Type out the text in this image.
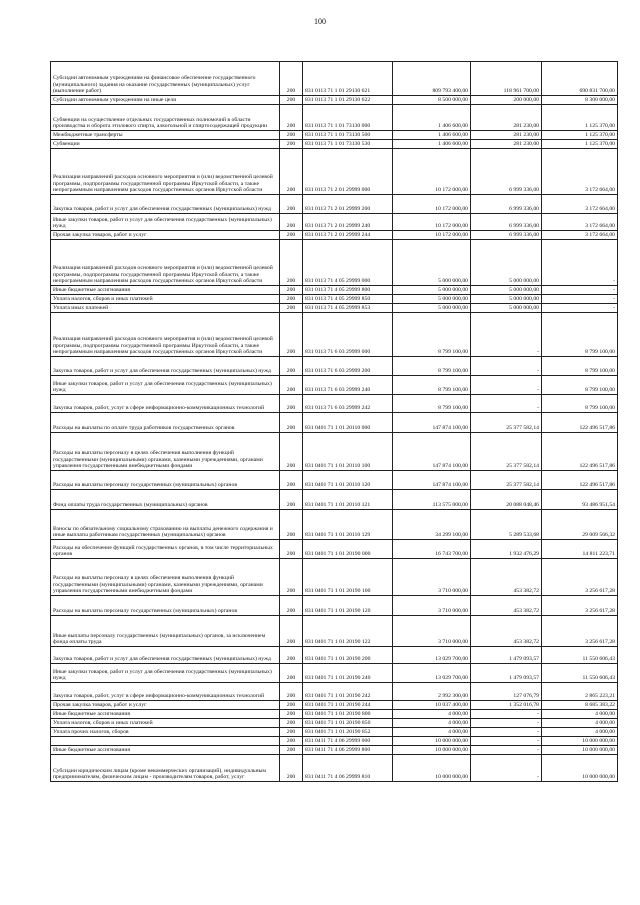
100
Субсидии автономным учреждениям на финансовое обеспечение государственного (муниципального) задания на оказание государственных (муниципальных) услуг (выполнение работ)	200	831 0113 71 1 01 29130 621	809 793 400,00	118 961 700,00	690 831 700,00
Субсидии автономным учреждениям на иные цели	200	831 0113 71 1 01 29130 622	8 500 000,00	200 000,00	8 300 000,00
Субвенции на осуществление отдельных государственных полномочий в области производства и оборота этилового спирта, алкогольной и спиртосодержащей продукции	200	831 0113 71 1 01 73130 000	1 406 600,00	281 230,00	1 125 370,00
Межбюджетные трансферты	200	831 0113 71 1 01 73130 500	1 406 600,00	281 230,00	1 125 370,00
Субвенции	200	831 0113 71 1 01 73130 530	1 406 600,00	281 230,00	1 125 370,00
Реализация направлений расходов основного мероприятия и (или) ведомственной целевой программы, подпрограммы государственной программы Иркутской области, а также непрограммным направлениям расходов государственных органов Иркутской области	200	831 0113 71 2 01 29999 000	10 172 000,00	6 999 336,00	3 172 664,00
Закупка товаров, работ и услуг для обеспечения государственных (муниципальных) нужд	200	831 0113 71 2 01 29999 200	10 172 000,00	6 999 336,00	3 172 664,00
Иные закупки товаров, работ и услуг для обеспечения государственных (муниципальных) нужд	200	831 0113 71 2 01 29999 240	10 172 000,00	6 999 336,00	3 172 664,00
Прочая закупка товаров, работ и услуг	200	831 0113 71 2 01 29999 244	10 172 000,00	6 999 336,00	3 172 664,00
Реализация направлений расходов основного мероприятия и (или) ведомственной целевой программы, подпрограммы государственной программы Иркутской области, а также непрограммным направлениям расходов государственных органов Иркутской области	200	831 0113 71 4 05 29999 000	5 000 000,00	5 000 000,00	-
Иные бюджетные ассигнования	200	831 0113 71 4 05 29999 800	5 000 000,00	5 000 000,00	-
Уплата налогов, сборов и иных платежей	200	831 0113 71 4 05 29999 850	5 000 000,00	5 000 000,00	-
Уплата иных платежей	200	831 0113 71 4 05 29999 853	5 000 000,00	5 000 000,00	-
Реализация направлений расходов основного мероприятия и (или) ведомственной целевой программы, подпрограммы государственной программы Иркутской области, а также непрограммным направлениям расходов государственных органов Иркутской области	200	831 0113 71 6 03 29999 000	8 799 100,00	-	8 799 100,00
Закупка товаров, работ и услуг для обеспечения государственных (муниципальных) нужд	200	831 0113 71 6 03 29999 200	8 799 100,00	-	8 799 100,00
Иные закупки товаров, работ и услуг для обеспечения государственных (муниципальных) нужд	200	831 0113 71 6 03 29999 240	8 799 100,00	-	8 799 100,00
Закупка товаров, работ, услуг в сфере информационно-коммуникационных технологий	200	831 0113 71 6 03 29999 242	8 799 100,00	-	8 799 100,00
Расходы на выплаты по оплате труда работников государственных органов	200	831 0401 71 1 01 20110 000	147 874 100,00	25 377 582,14	122 496 517,86
Расходы на выплаты персоналу в целях обеспечения выполнения функций государственными (муниципальными) органами, казенными учреждениями, органами управления государственными внебюджетными фондами	200	831 0401 71 1 01 20110 100	147 874 100,00	25 377 582,14	122 496 517,86
Расходы на выплаты персоналу государственных (муниципальных) органов	200	831 0401 71 1 01 20110 120	147 874 100,00	25 377 582,14	122 496 517,86
Фонд оплаты труда государственных (муниципальных) органов	200	831 0401 71 1 01 20110 121	113 575 000,00	20 088 048,46	93 486 951,54
Взносы по обязательному социальному страхованию на выплаты денежного содержания и иные выплаты работникам государственных (муниципальных) органов	200	831 0401 71 1 01 20110 129	34 299 100,00	5 289 533,68	29 009 566,32
Расходы на обеспечение функций государственных органов, в том числе территориальных органов	200	831 0401 71 1 01 20190 000	16 743 700,00	1 932 476,29	14 811 223,71
Расходы на выплаты персоналу в целях обеспечения выполнения функций государственными (муниципальными) органами, казенными учреждениями, органами управления государственными внебюджетными фондами	200	831 0401 71 1 01 20190 100	3 710 000,00	453 382,72	3 256 617,28
Расходы на выплаты персоналу государственных (муниципальных) органов	200	831 0401 71 1 01 20190 120	3 710 000,00	453 382,72	3 256 617,28
Иные выплаты персоналу государственных (муниципальных) органов, за исключением фонда оплаты труда	200	831 0401 71 1 01 20190 122	3 710 000,00	453 382,72	3 256 617,28
Закупка товаров, работ и услуг для обеспечения государственных (муниципальных) нужд	200	831 0401 71 1 01 20190 200	13 029 700,00	1 479 093,57	11 550 606,43
Иные закупки товаров, работ и услуг для обеспечения государственных (муниципальных) нужд	200	831 0401 71 1 01 20190 240	13 029 700,00	1 479 093,57	11 550 606,43
Закупка товаров, работ, услуг в сфере информационно-коммуникационных технологий	200	831 0401 71 1 01 20190 242	2 992 300,00	127 076,79	2 865 223,21
Прочая закупка товаров, работ и услуг	200	831 0401 71 1 01 20190 244	10 037 400,00	1 352 016,78	8 685 383,22
Иные бюджетные ассигнования	200	831 0401 71 1 01 20190 800	4 000,00	-	4 000,00
Уплата налогов, сборов и иных платежей	200	831 0401 71 1 01 20190 850	4 000,00	-	4 000,00
Уплата прочих налогов, сборов	200	831 0401 71 1 01 20190 852	4 000,00	-	4 000,00
	200	831 0411 71 4 06 29999 000	10 000 000,00	-	10 000 000,00
Иные бюджетные ассигнования	200	831 0411 71 4 06 29999 800	10 000 000,00	-	10 000 000,00
Субсидии юридическим лицам (кроме некоммерческих организаций), индивидуальным предпринимателям, физическим лицам - производителям товаров, работ, услуг	200	831 0411 71 4 06 29999 810	10 000 000,00	-	10 000 000,00
